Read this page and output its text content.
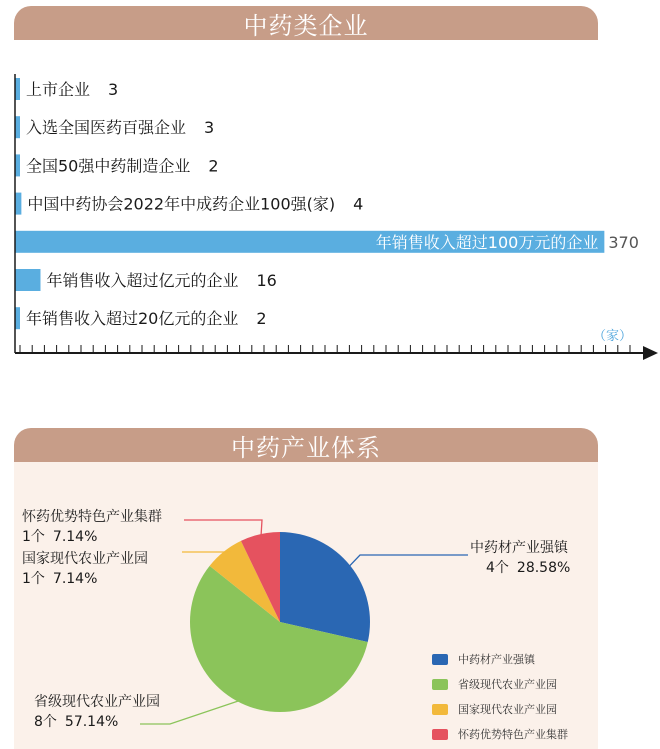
中药类企业
上市企业 3
入选全国医药百强企业 3
全国50强中药制造企业 2
中国中药协会2022年中成药企业100强(家) 4
年销售收入超过100万元的企业 370
年销售收入超过亿元的企业 16
年销售收入超过20亿元的企业 2
（家）
中药产业体系
中药材产业强镇
4个 28.58%
省级现代农业产业园
8个 57.14%
国家现代农业产业园
1个 7.14%
怀药优势特色产业集群
1个 7.14%
中药材产业强镇
省级现代农业产业园
国家现代农业产业园
怀药优势特色产业集群
